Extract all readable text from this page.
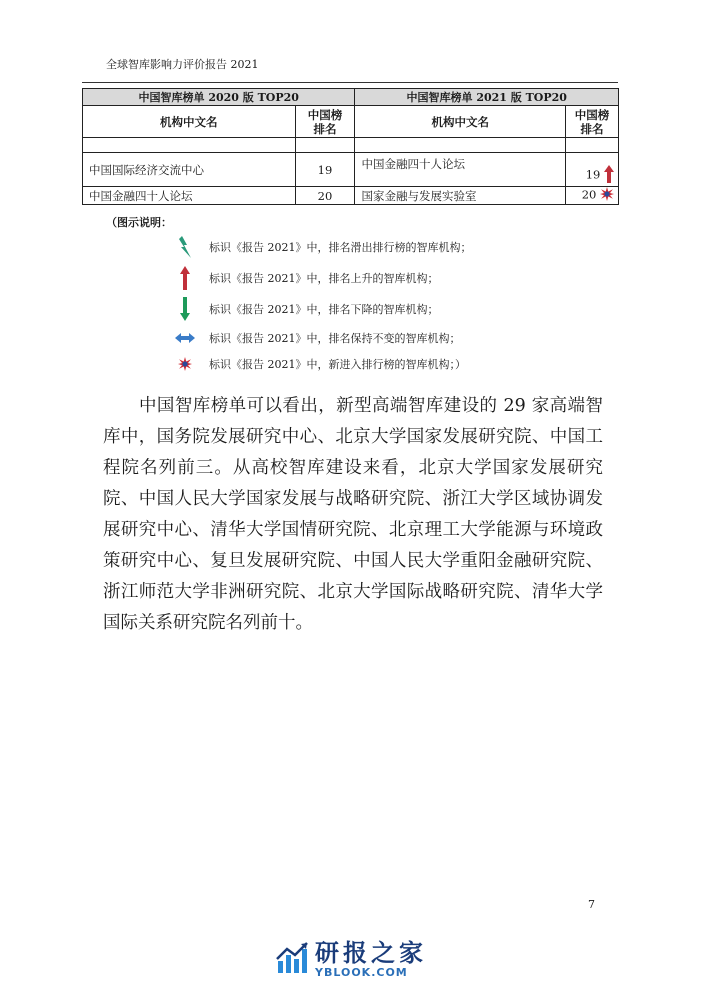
全球智库影响力评价报告 2021
中国智库榜单 2020 版 TOP20		中国智库榜单 2021 版 TOP20	
机构中文名	中国榜排名	机构中文名	中国榜排名

中国国际经济交流中心	19	中国金融四十人论坛	19
中国金融四十人论坛	20	国家金融与发展实验室	20
（图示说明：
标识《报告 2021》中，排名滑出排行榜的智库机构；
标识《报告 2021》中，排名上升的智库机构；
标识《报告 2021》中，排名下降的智库机构；
标识《报告 2021》中，排名保持不变的智库机构；
标识《报告 2021》中，新进入排行榜的智库机构；）

中国智库榜单可以看出，新型高端智库建设的 29 家高端智库中，国务院发展研究中心、北京大学国家发展研究院、中国工程院名列前三。从高校智库建设来看，北京大学国家发展研究院、中国人民大学国家发展与战略研究院、浙江大学区域协调发展研究中心、清华大学国情研究院、北京理工大学能源与环境政策研究中心、复旦发展研究院、中国人民大学重阳金融研究院、浙江师范大学非洲研究院、北京大学国际战略研究院、清华大学国际关系研究院名列前十。

7
研报之家
YBLOOK.COM
